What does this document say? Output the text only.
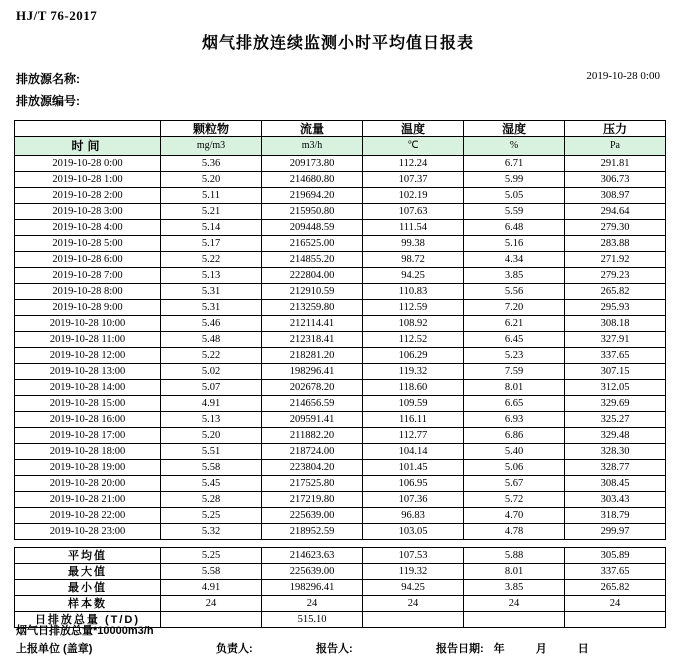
HJ/T 76-2017
烟气排放连续监测小时平均值日报表
排放源名称:
排放源编号:
2019-10-28 0:00
	颗粒物	流量	温度	湿度	压力
时间	mg/m3	m3/h	℃	%	Pa
2019-10-28 0:00	5.36	209173.80	112.24	6.71	291.81
2019-10-28 1:00	5.20	214680.80	107.37	5.99	306.73
2019-10-28 2:00	5.11	219694.20	102.19	5.05	308.97
2019-10-28 3:00	5.21	215950.80	107.63	5.59	294.64
2019-10-28 4:00	5.14	209448.59	111.54	6.48	279.30
2019-10-28 5:00	5.17	216525.00	99.38	5.16	283.88
2019-10-28 6:00	5.22	214855.20	98.72	4.34	271.92
2019-10-28 7:00	5.13	222804.00	94.25	3.85	279.23
2019-10-28 8:00	5.31	212910.59	110.83	5.56	265.82
2019-10-28 9:00	5.31	213259.80	112.59	7.20	295.93
2019-10-28 10:00	5.46	212114.41	108.92	6.21	308.18
2019-10-28 11:00	5.48	212318.41	112.52	6.45	327.91
2019-10-28 12:00	5.22	218281.20	106.29	5.23	337.65
2019-10-28 13:00	5.02	198296.41	119.32	7.59	307.15
2019-10-28 14:00	5.07	202678.20	118.60	8.01	312.05
2019-10-28 15:00	4.91	214656.59	109.59	6.65	329.69
2019-10-28 16:00	5.13	209591.41	116.11	6.93	325.27
2019-10-28 17:00	5.20	211882.20	112.77	6.86	329.48
2019-10-28 18:00	5.51	218724.00	104.14	5.40	328.30
2019-10-28 19:00	5.58	223804.20	101.45	5.06	328.77
2019-10-28 20:00	5.45	217525.80	106.95	5.67	308.45
2019-10-28 21:00	5.28	217219.80	107.36	5.72	303.43
2019-10-28 22:00	5.25	225639.00	96.83	4.70	318.79
2019-10-28 23:00	5.32	218952.59	103.05	4.78	299.97

平均值	5.25	214623.63	107.53	5.88	305.89
最大值	5.58	225639.00	119.32	8.01	337.65
最小值	4.91	198296.41	94.25	3.85	265.82
样本数	24	24	24	24	24
日排放总量 (T/D)		515.10			
烟气日排放总量*10000m3/h
上报单位 (盖章)	负责人:	报告人:	报告日期: 年 月 日
